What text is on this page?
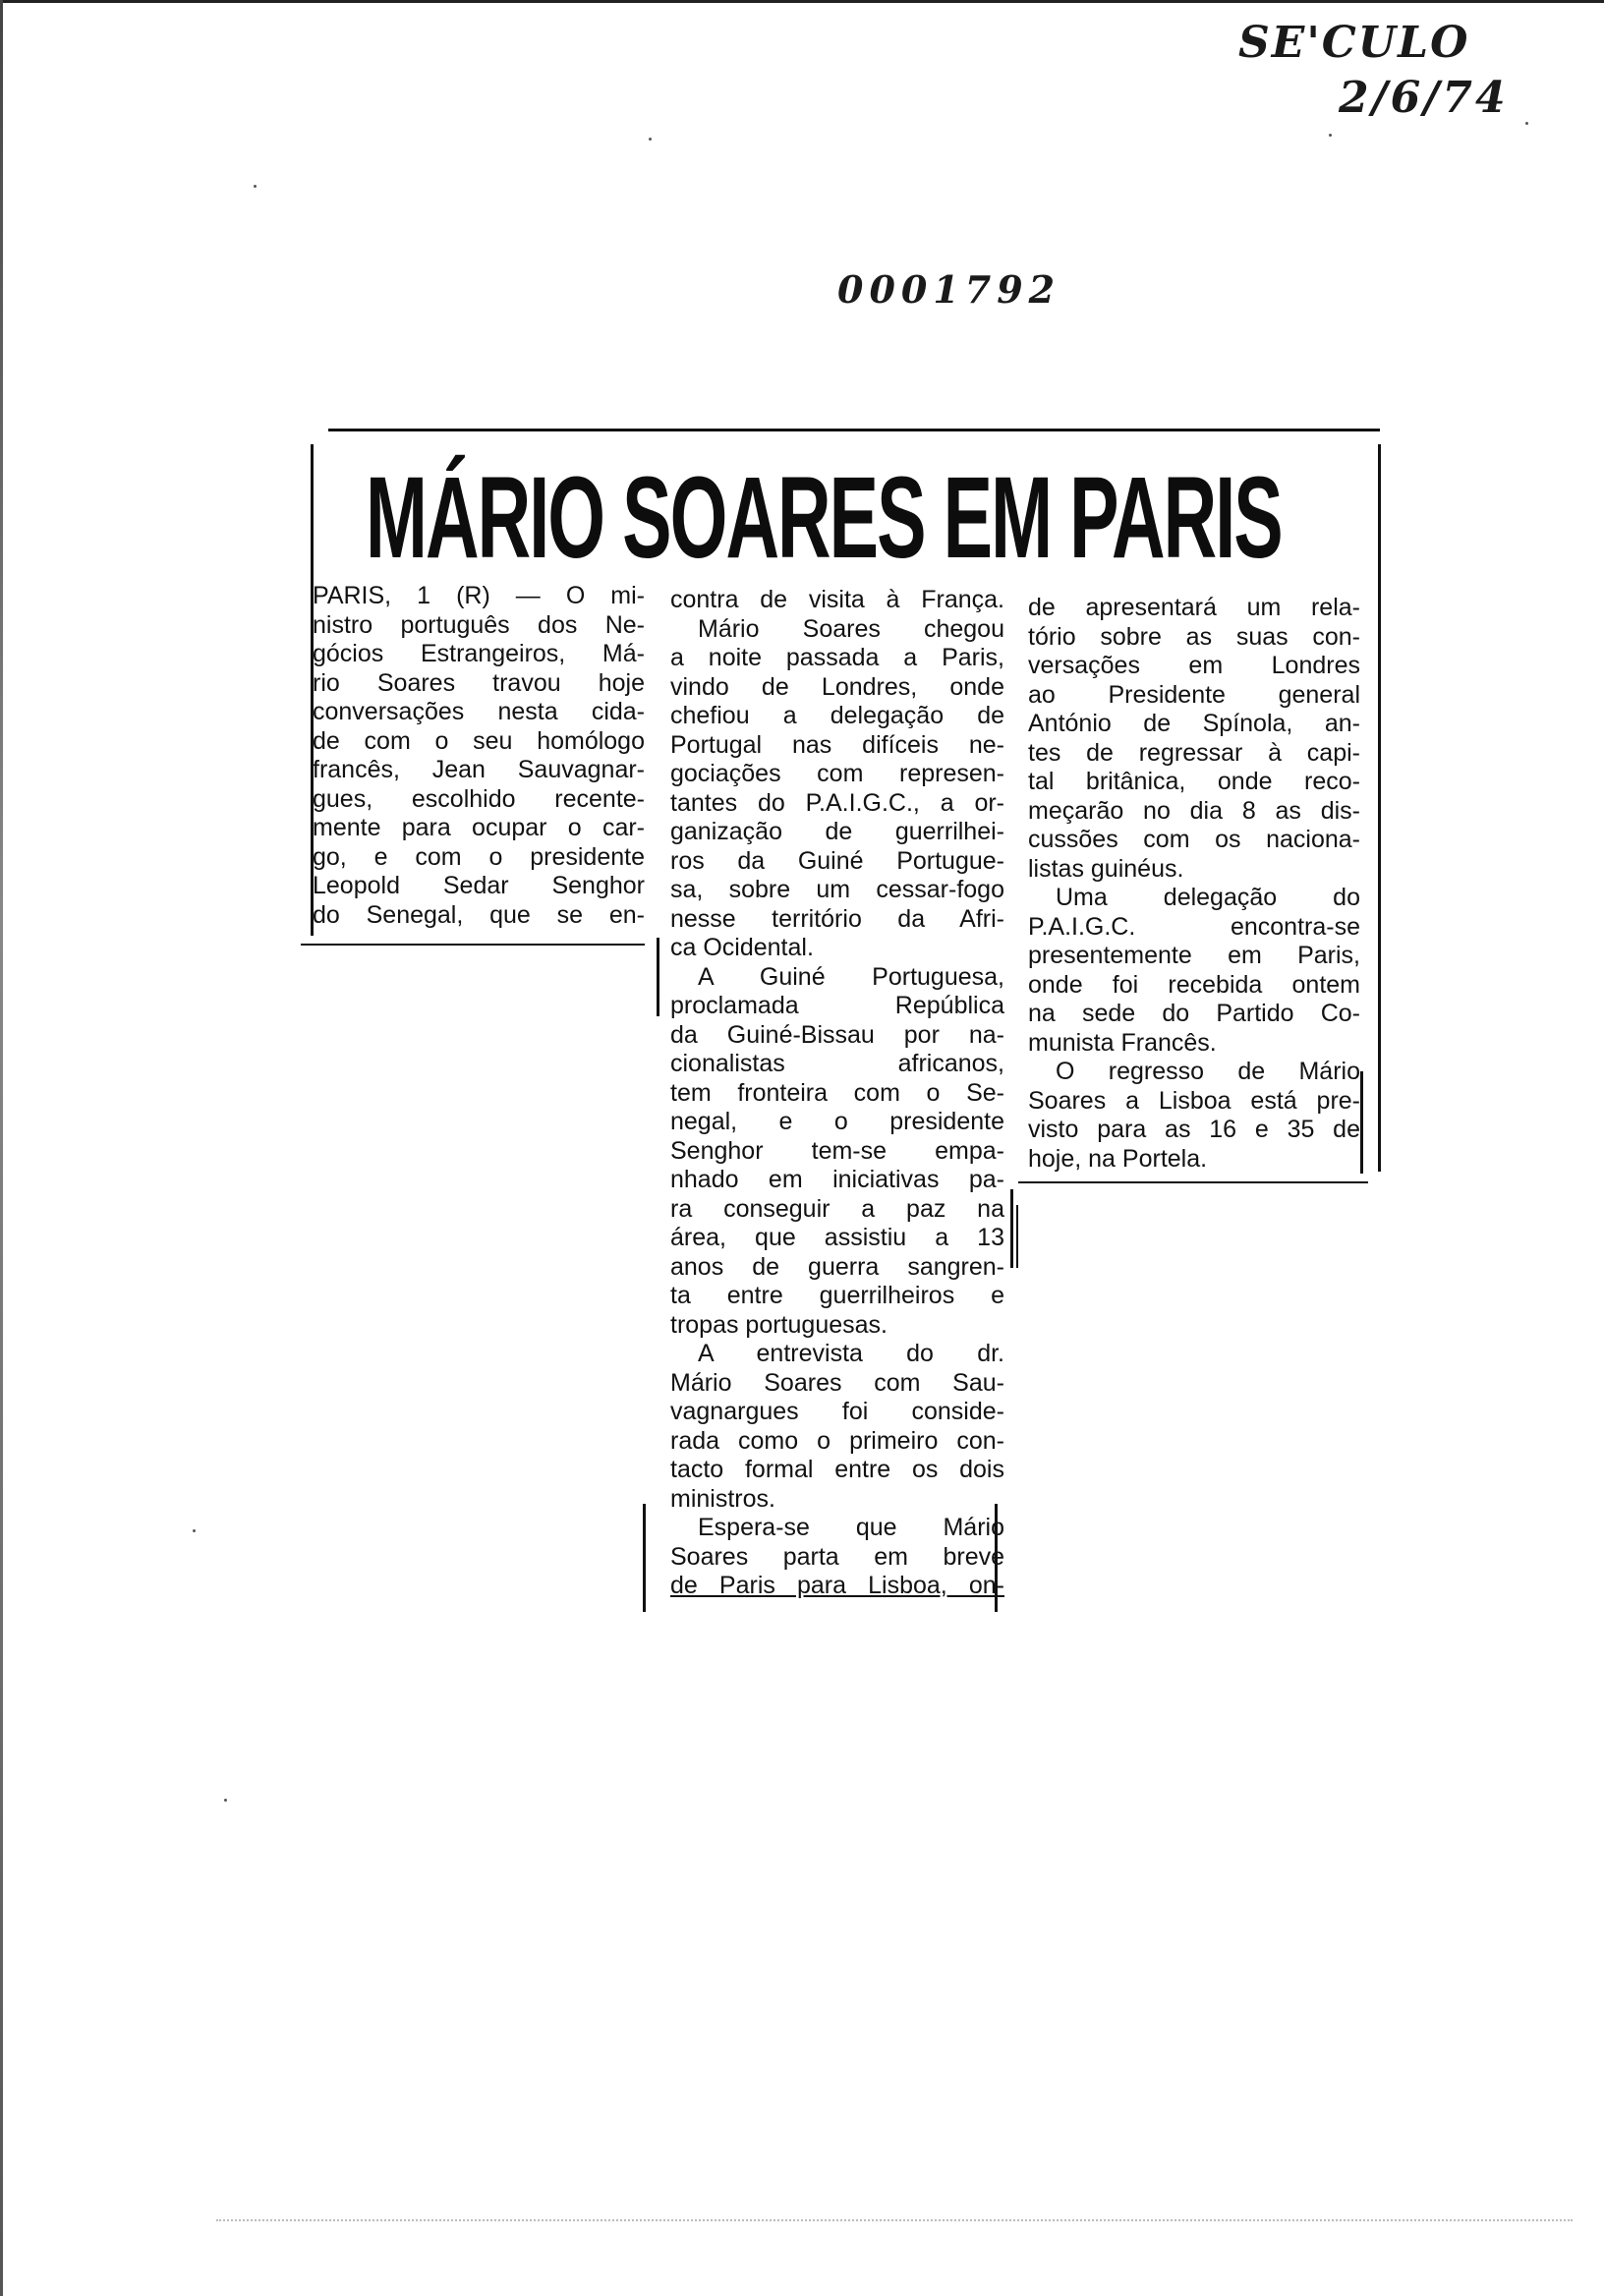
SE'CULO
2/6/74
0001792
MÁRIO SOARES EM PARIS
PARIS, 1 (R) — O mi-
nistro português dos Ne-
gócios Estrangeiros, Má-
rio Soares travou hoje
conversações nesta cida-
de com o seu homólogo
francês, Jean Sauvagnar-
gues, escolhido recente-
mente para ocupar o car-
go, e com o presidente
Leopold Sedar Senghor
do Senegal, que se en-
contra de visita à França.
Mário Soares chegou
a noite passada a Paris,
vindo de Londres, onde
chefiou a delegação de
Portugal nas difíceis ne-
gociações com represen-
tantes do P.A.I.G.C., a or-
ganização de guerrilhei-
ros da Guiné Portugue-
sa, sobre um cessar-fogo
nesse território da Afri-
ca Ocidental.
A Guiné Portuguesa,
proclamada República
da Guiné-Bissau por na-
cionalistas africanos,
tem fronteira com o Se-
negal, e o presidente
Senghor tem-se empa-
nhado em iniciativas pa-
ra conseguir a paz na
área, que assistiu a 13
anos de guerra sangren-
ta entre guerrilheiros e
tropas portuguesas.
A entrevista do dr.
Mário Soares com Sau-
vagnargues foi conside-
rada como o primeiro con-
tacto formal entre os dois
ministros.
Espera-se que Mário
Soares parta em breve
de Paris para Lisboa, on-
de apresentará um rela-
tório sobre as suas con-
versações em Londres
ao Presidente general
António de Spínola, an-
tes de regressar à capi-
tal britânica, onde reco-
meçarão no dia 8 as dis-
cussões com os naciona-
listas guinéus.
Uma delegação do
P.A.I.G.C. encontra-se
presentemente em Paris,
onde foi recebida ontem
na sede do Partido Co-
munista Francês.
O regresso de Mário
Soares a Lisboa está pre-
visto para as 16 e 35 de
hoje, na Portela.
